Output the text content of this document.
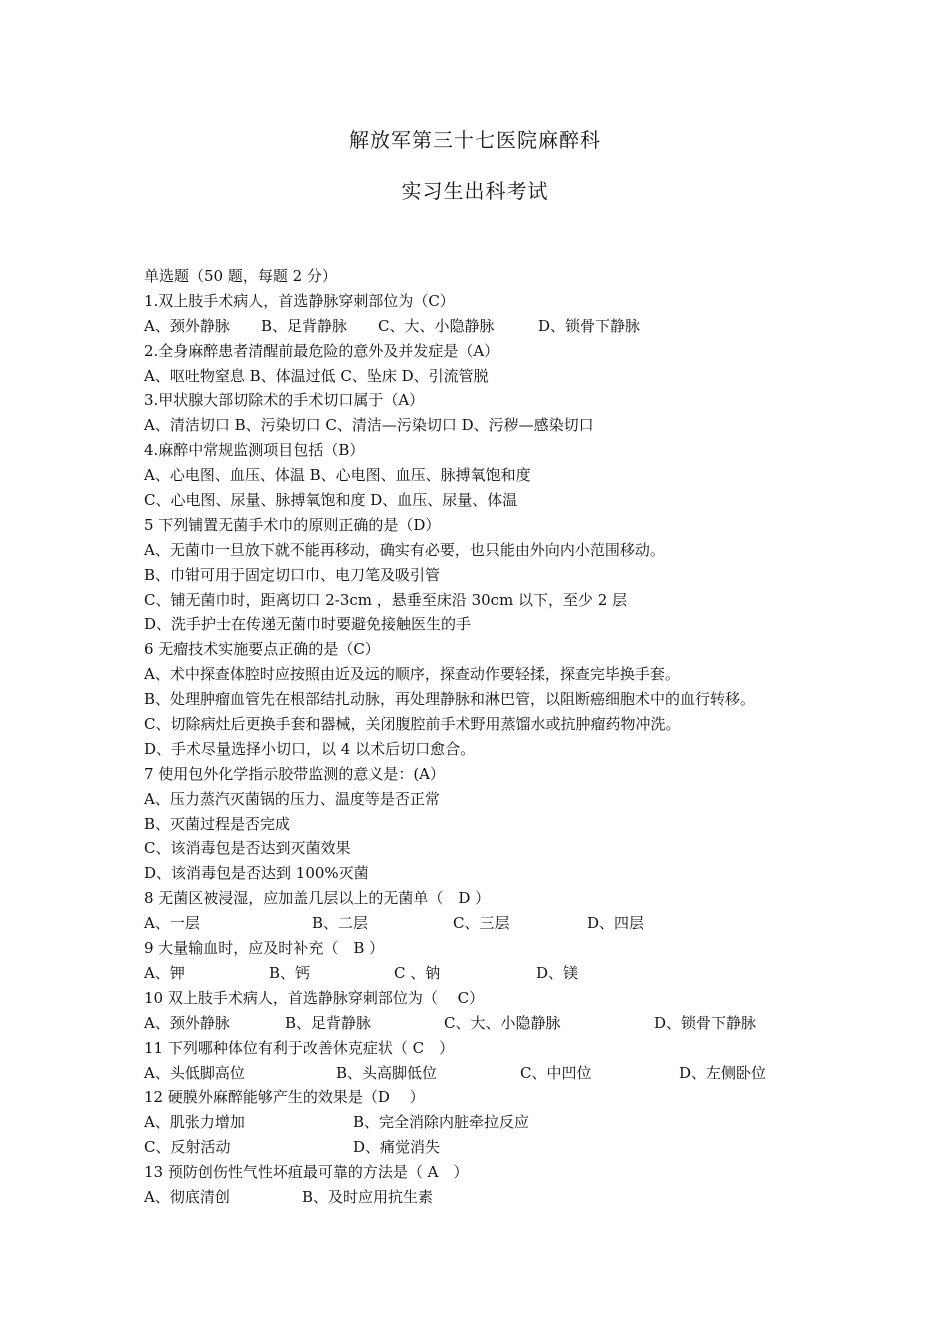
解放军第三十七医院麻醉科
实习生出科考试
单选题（50 题，每题 2 分）
1.双上肢手术病人，首选静脉穿刺部位为（C）
A、颈外静脉 B、足背静脉 C、大、小隐静脉	D、锁骨下静脉
2.全身麻醉患者清醒前最危险的意外及并发症是（A）
A、呕吐物窒息 B、体温过低 C、坠床 D、引流管脱
3.甲状腺大部切除术的手术切口属于（A）
A、清洁切口 B、污染切口 C、清洁—污染切口 D、污秽—感染切口
4.麻醉中常规监测项目包括（B）
A、心电图、血压、体温 B、心电图、血压、脉搏氧饱和度
C、心电图、尿量、脉搏氧饱和度 D、血压、尿量、体温
5 下列铺置无菌手术巾的原则正确的是（D）
A、无菌巾一旦放下就不能再移动，确实有必要，也只能由外向内小范围移动。
B、巾钳可用于固定切口巾、电刀笔及吸引管
C、铺无菌巾时，距离切口 2-3cm ，悬垂至床沿 30cm 以下，至少 2 层
D、洗手护士在传递无菌巾时要避免接触医生的手
6 无瘤技术实施要点正确的是（C）
A、术中探查体腔时应按照由近及远的顺序，探查动作要轻揉，探查完毕换手套。
B、处理肿瘤血管先在根部结扎动脉，再处理静脉和淋巴管，以阻断癌细胞术中的血行转移。
C、切除病灶后更换手套和器械，关闭腹腔前手术野用蒸馏水或抗肿瘤药物冲洗。
D、手术尽量选择小切口，以 4 以术后切口愈合。
7 使用包外化学指示胶带监测的意义是：(A）
A、压力蒸汽灭菌锅的压力、温度等是否正常
B、灭菌过程是否完成
C、该消毒包是否达到灭菌效果
D、该消毒包是否达到 100%灭菌
8 无菌区被浸湿，应加盖几层以上的无菌单（　D ）
A、一层	B、二层	C、三层	D、四层
9 大量输血时，应及时补充（　B ）
A、钾	B、钙	C 、钠	D、镁
10 双上肢手术病人，首选静脉穿刺部位为（　 C）
A、颈外静脉	B、足背静脉	C、大、小隐静脉	D、锁骨下静脉
11 下列哪种体位有利于改善休克症状（ C　）
A、头低脚高位	B、头高脚低位	C、中凹位	D、左侧卧位
12 硬膜外麻醉能够产生的效果是（D　 ）
A、肌张力增加	B、完全消除内脏牵拉反应
C、反射活动	D、痛觉消失
13 预防创伤性气性坏疽最可靠的方法是（ A　）
A、彻底清创	B、及时应用抗生素
